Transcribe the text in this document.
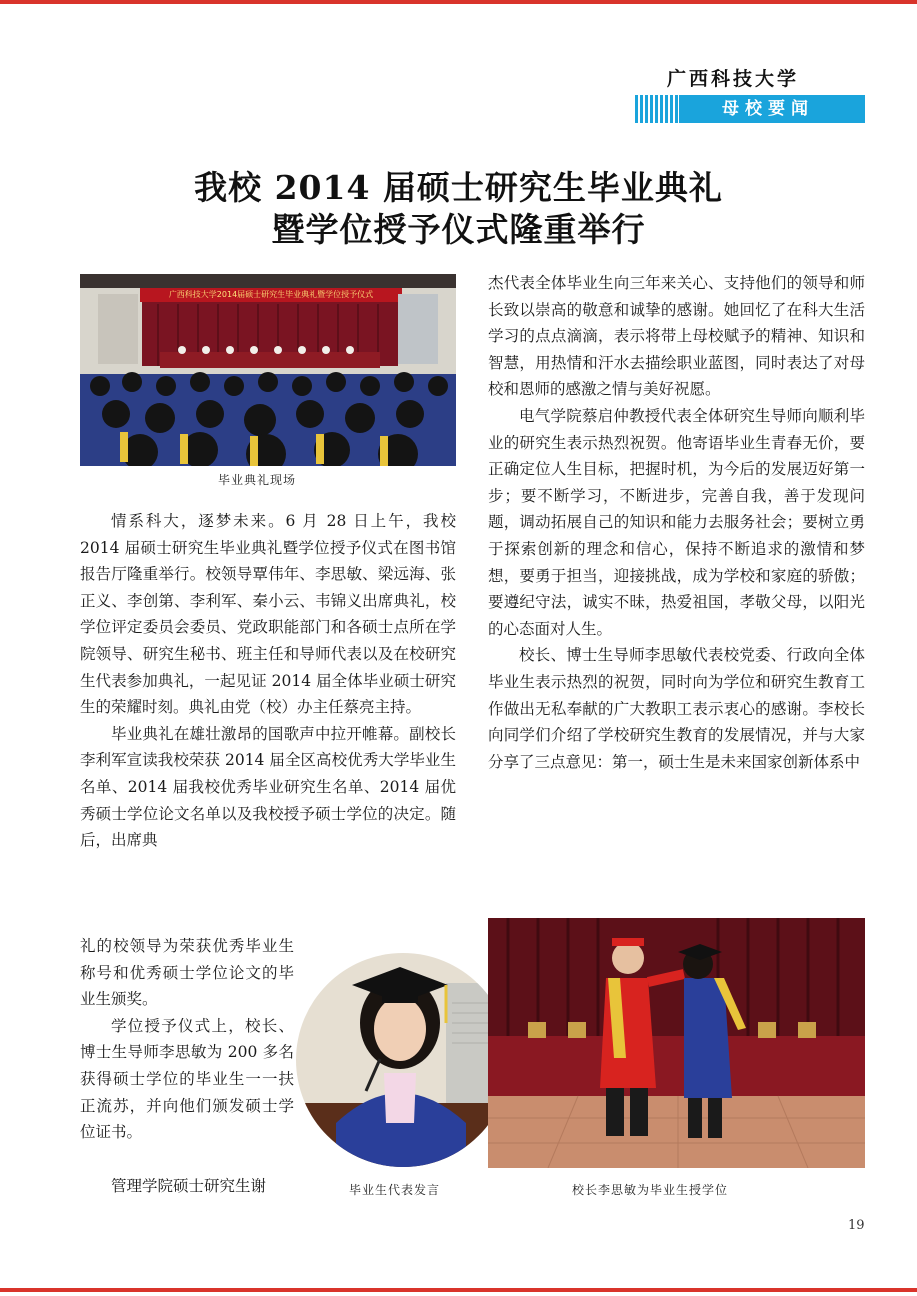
广西科技大学
母校要闻
我校 2014 届硕士研究生毕业典礼
暨学位授予仪式隆重举行
广西科技大学2014届硕士研究生毕业典礼暨学位授予仪式
毕业典礼现场

情系科大，逐梦未来。6 月 28 日上午，我校 2014 届硕士研究生毕业典礼暨学位授予仪式在图书馆报告厅隆重举行。校领导覃伟年、李思敏、梁远海、张正义、李创第、李利军、秦小云、韦锦义出席典礼，校学位评定委员会委员、党政职能部门和各硕士点所在学院领导、研究生秘书、班主任和导师代表以及在校研究生代表参加典礼，一起见证 2014 届全体毕业硕士研究生的荣耀时刻。典礼由党（校）办主任蔡亮主持。

毕业典礼在雄壮激昂的国歌声中拉开帷幕。副校长李利军宣读我校荣获 2014 届全区高校优秀大学毕业生名单、2014 届我校优秀毕业研究生名单、2014 届优秀硕士学位论文名单以及我校授予硕士学位的决定。随后，出席典

礼的校领导为荣获优秀毕业生称号和优秀硕士学位论文的毕业生颁奖。

学位授予仪式上，校长、博士生导师李思敏为 200 多名获得硕士学位的毕业生一一扶正流苏，并向他们颁发硕士学位证书。

管理学院硕士研究生谢	毕业生代表发言

杰代表全体毕业生向三年来关心、支持他们的领导和师长致以崇高的敬意和诚挚的感谢。她回忆了在科大生活学习的点点滴滴，表示将带上母校赋予的精神、知识和智慧，用热情和汗水去描绘职业蓝图，同时表达了对母校和恩师的感激之情与美好祝愿。

电气学院蔡启仲教授代表全体研究生导师向顺利毕业的研究生表示热烈祝贺。他寄语毕业生青春无价，要正确定位人生目标，把握时机，为今后的发展迈好第一步；要不断学习，不断进步，完善自我，善于发现问题，调动拓展自己的知识和能力去服务社会；要树立勇于探索创新的理念和信心，保持不断追求的激情和梦想，要勇于担当，迎接挑战，成为学校和家庭的骄傲；要遵纪守法，诚实不昧，热爱祖国，孝敬父母，以阳光的心态面对人生。

校长、博士生导师李思敏代表校党委、行政向全体毕业生表示热烈的祝贺，同时向为学位和研究生教育工作做出无私奉献的广大教职工表示衷心的感谢。李校长向同学们介绍了学校研究生教育的发展情况，并与大家分享了三点意见：第一，硕士生是未来国家创新体系中

校长李思敏为毕业生授学位
19
